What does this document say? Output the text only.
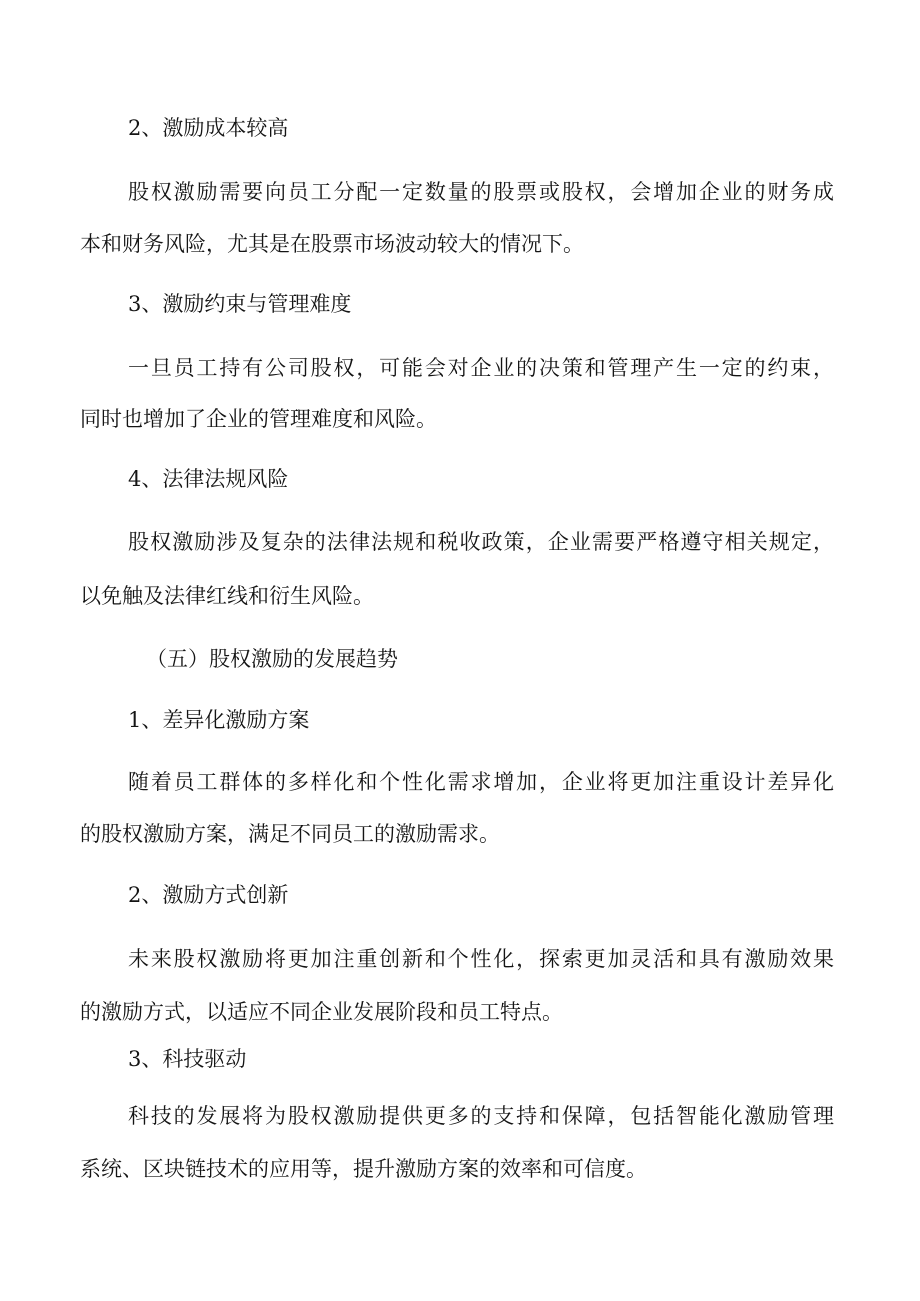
2、激励成本较高

股权激励需要向员工分配一定数量的股票或股权，会增加企业的财务成

本和财务风险，尤其是在股票市场波动较大的情况下。

3、激励约束与管理难度

一旦员工持有公司股权，可能会对企业的决策和管理产生一定的约束，

同时也增加了企业的管理难度和风险。

4、法律法规风险

股权激励涉及复杂的法律法规和税收政策，企业需要严格遵守相关规定，

以免触及法律红线和衍生风险。

（五）股权激励的发展趋势

1、差异化激励方案

随着员工群体的多样化和个性化需求增加，企业将更加注重设计差异化

的股权激励方案，满足不同员工的激励需求。

2、激励方式创新

未来股权激励将更加注重创新和个性化，探索更加灵活和具有激励效果

的激励方式，以适应不同企业发展阶段和员工特点。

3、科技驱动

科技的发展将为股权激励提供更多的支持和保障，包括智能化激励管理

系统、区块链技术的应用等，提升激励方案的效率和可信度。
